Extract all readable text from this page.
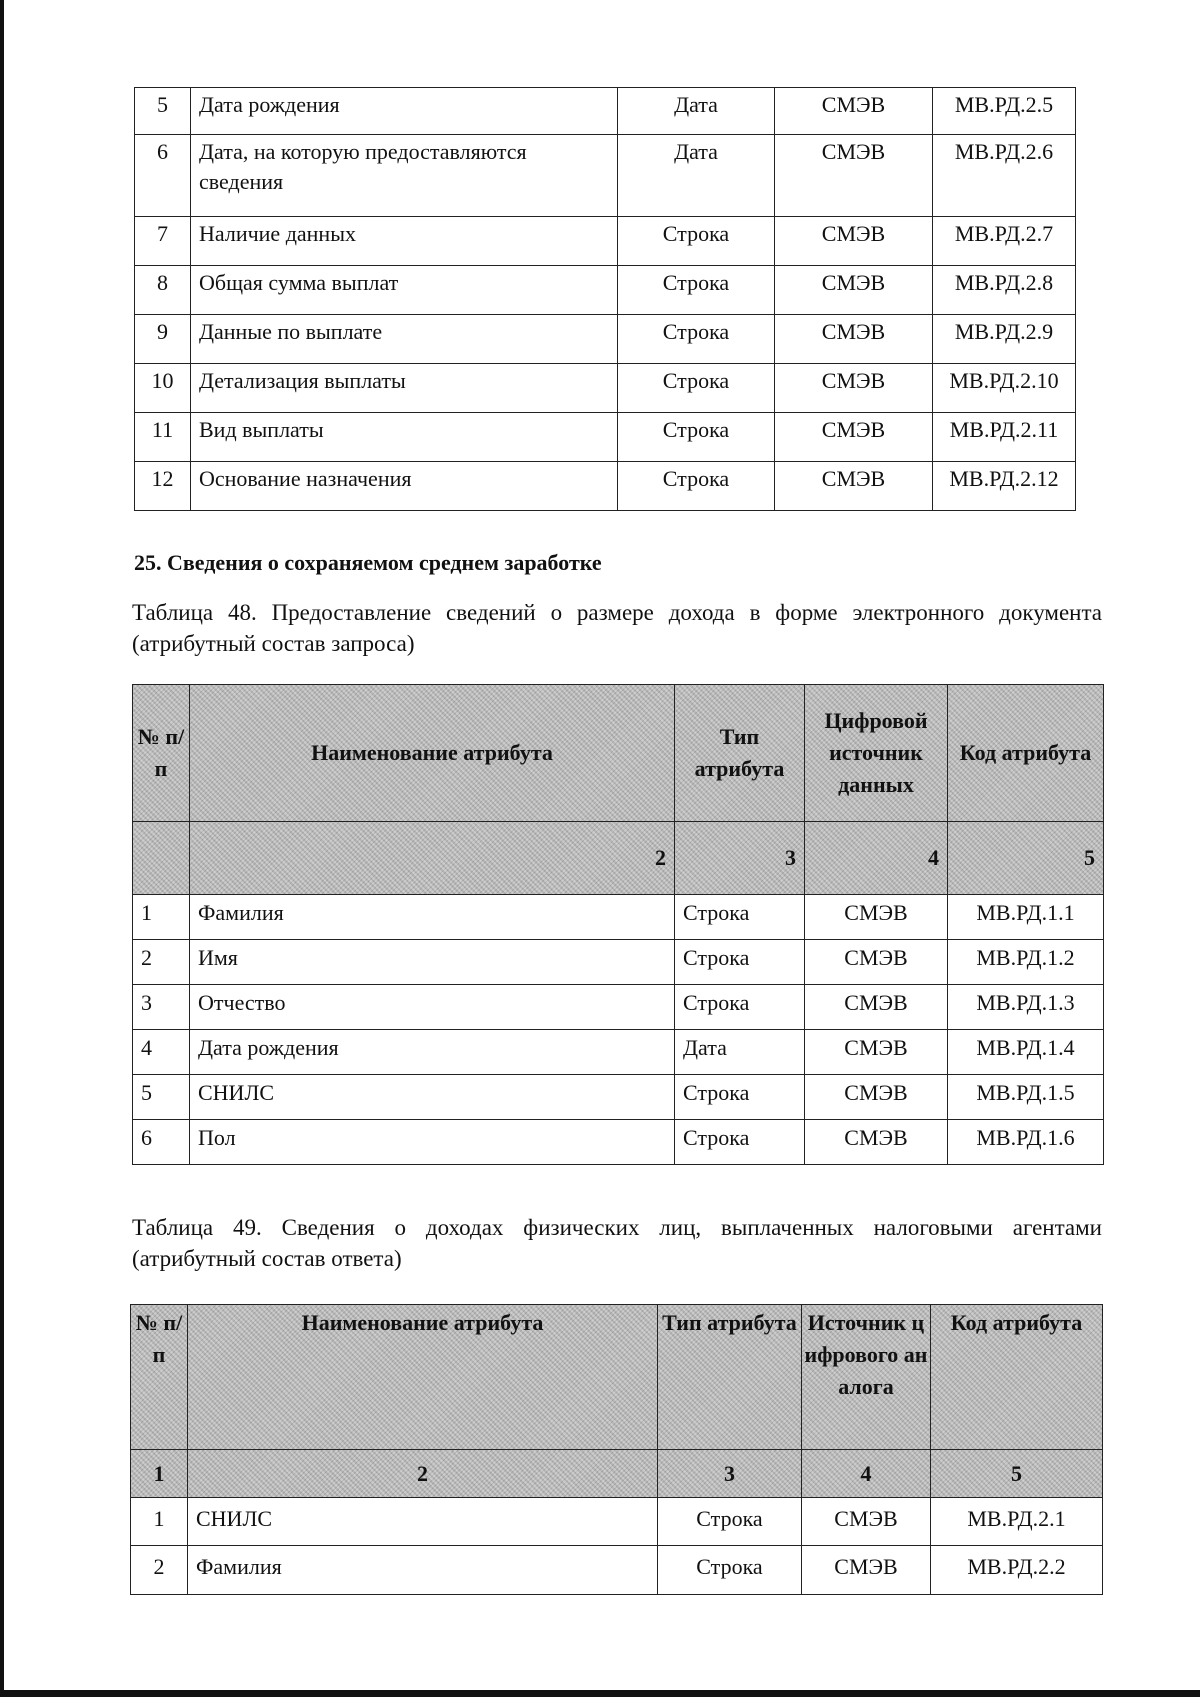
5	Дата рождения	Дата	СМЭВ	МВ.РД.2.5
6	Дата, на которую предоставляются сведения	Дата	СМЭВ	МВ.РД.2.6
7	Наличие данных	Строка	СМЭВ	МВ.РД.2.7
8	Общая сумма выплат	Строка	СМЭВ	МВ.РД.2.8
9	Данные по выплате	Строка	СМЭВ	МВ.РД.2.9
10	Детализация выплаты	Строка	СМЭВ	МВ.РД.2.10
11	Вид выплаты	Строка	СМЭВ	МВ.РД.2.11
12	Основание назначения	Строка	СМЭВ	МВ.РД.2.12
25. Сведения о сохраняемом среднем заработке
Таблица 48. Предоставление сведений о размере дохода в форме электронного документа (атрибутный состав запроса)
№ п/п	Наименование атрибута	Тип атрибута	Цифровой источник данных	Код атрибута
	2	3	4	5
1	Фамилия	Строка	СМЭВ	МВ.РД.1.1
2	Имя	Строка	СМЭВ	МВ.РД.1.2
3	Отчество	Строка	СМЭВ	МВ.РД.1.3
4	Дата рождения	Дата	СМЭВ	МВ.РД.1.4
5	СНИЛС	Строка	СМЭВ	МВ.РД.1.5
6	Пол	Строка	СМЭВ	МВ.РД.1.6
Таблица 49. Сведения о доходах физических лиц, выплаченных налоговыми агентами (атрибутный состав ответа)
№ п/п	Наименование атрибута	Тип атрибута	Источник цифрового аналога	Код атрибута
1	2	3	4	5
1	СНИЛС	Строка	СМЭВ	МВ.РД.2.1
2	Фамилия	Строка	СМЭВ	МВ.РД.2.2
